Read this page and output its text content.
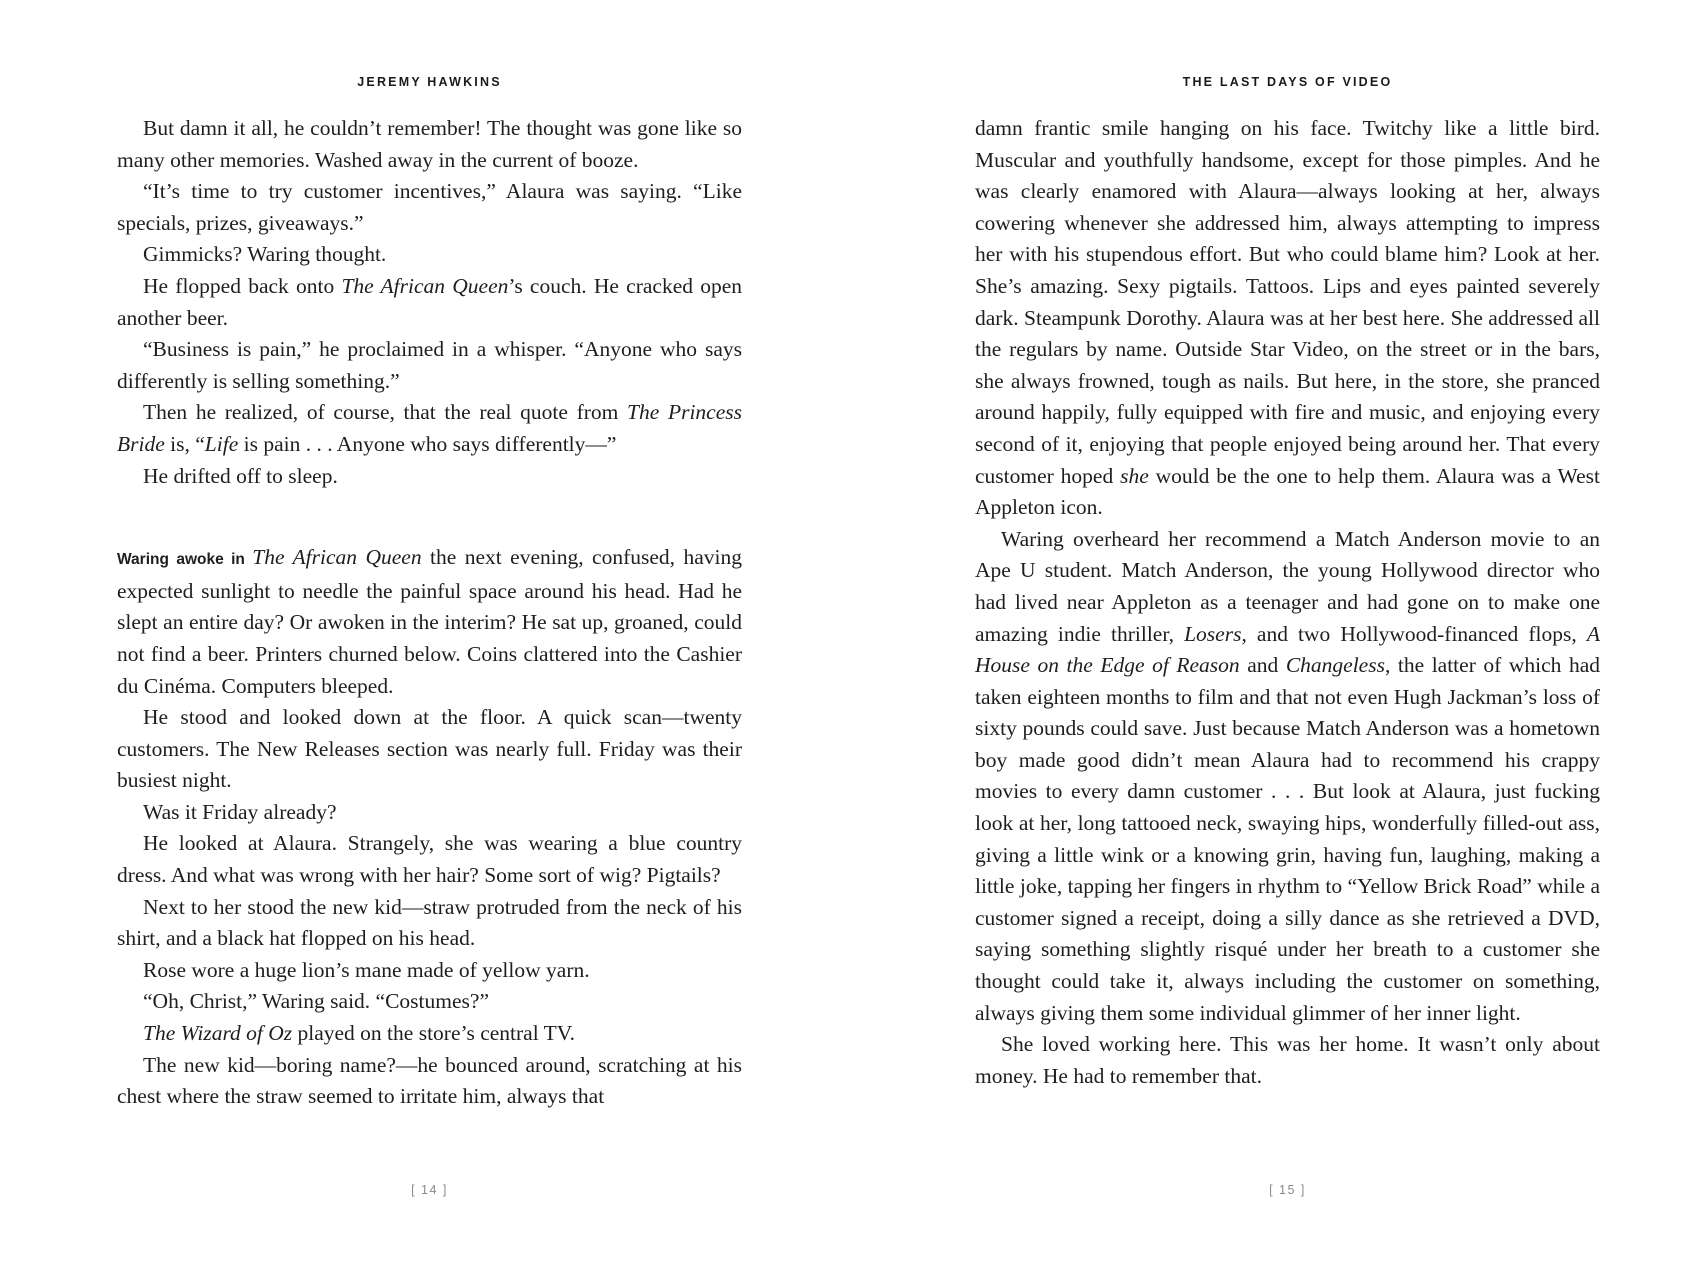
JEREMY HAWKINS

But damn it all, he couldn’t remember! The thought was gone like so many other memories. Washed away in the current of booze.

“It’s time to try customer incentives,” Alaura was saying. “Like specials, prizes, giveaways.”

Gimmicks? Waring thought.

He flopped back onto The African Queen’s couch. He cracked open another beer.

“Business is pain,” he proclaimed in a whisper. “Anyone who says differently is selling something.”

Then he realized, of course, that the real quote from The Princess Bride is, “Life is pain . . . Anyone who says differently—”

He drifted off to sleep.

Waring awoke in The African Queen the next evening, confused, having expected sunlight to needle the painful space around his head. Had he slept an entire day? Or awoken in the interim? He sat up, groaned, could not find a beer. Printers churned below. Coins clattered into the Cashier du Cinéma. Computers bleeped.

He stood and looked down at the floor. A quick scan—twenty customers. The New Releases section was nearly full. Friday was their busiest night.

Was it Friday already?

He looked at Alaura. Strangely, she was wearing a blue country dress. And what was wrong with her hair? Some sort of wig? Pigtails?

Next to her stood the new kid—straw protruded from the neck of his shirt, and a black hat flopped on his head.

Rose wore a huge lion’s mane made of yellow yarn.

“Oh, Christ,” Waring said. “Costumes?”

The Wizard of Oz played on the store’s central TV.

The new kid—boring name?—he bounced around, scratching at his chest where the straw seemed to irritate him, always that

[ 14 ]
THE LAST DAYS OF VIDEO

damn frantic smile hanging on his face. Twitchy like a little bird. Muscular and youthfully handsome, except for those pimples. And he was clearly enamored with Alaura—always looking at her, always cowering whenever she addressed him, always attempting to impress her with his stupendous effort. But who could blame him? Look at her. She’s amazing. Sexy pigtails. Tattoos. Lips and eyes painted severely dark. Steampunk Dorothy. Alaura was at her best here. She addressed all the regulars by name. Outside Star Video, on the street or in the bars, she always frowned, tough as nails. But here, in the store, she pranced around happily, fully equipped with fire and music, and enjoying every second of it, enjoying that people enjoyed being around her. That every customer hoped she would be the one to help them. Alaura was a West Appleton icon.

Waring overheard her recommend a Match Anderson movie to an Ape U student. Match Anderson, the young Hollywood director who had lived near Appleton as a teenager and had gone on to make one amazing indie thriller, Losers, and two Hollywood-financed flops, A House on the Edge of Reason and Changeless, the latter of which had taken eighteen months to film and that not even Hugh Jackman’s loss of sixty pounds could save. Just because Match Anderson was a hometown boy made good didn’t mean Alaura had to recommend his crappy movies to every damn customer . . . But look at Alaura, just fucking look at her, long tattooed neck, swaying hips, wonderfully filled-out ass, giving a little wink or a knowing grin, having fun, laughing, making a little joke, tapping her fingers in rhythm to “Yellow Brick Road” while a customer signed a receipt, doing a silly dance as she retrieved a DVD, saying something slightly risqué under her breath to a customer she thought could take it, always including the customer on something, always giving them some individual glimmer of her inner light.

She loved working here. This was her home. It wasn’t only about money. He had to remember that.

[ 15 ]
